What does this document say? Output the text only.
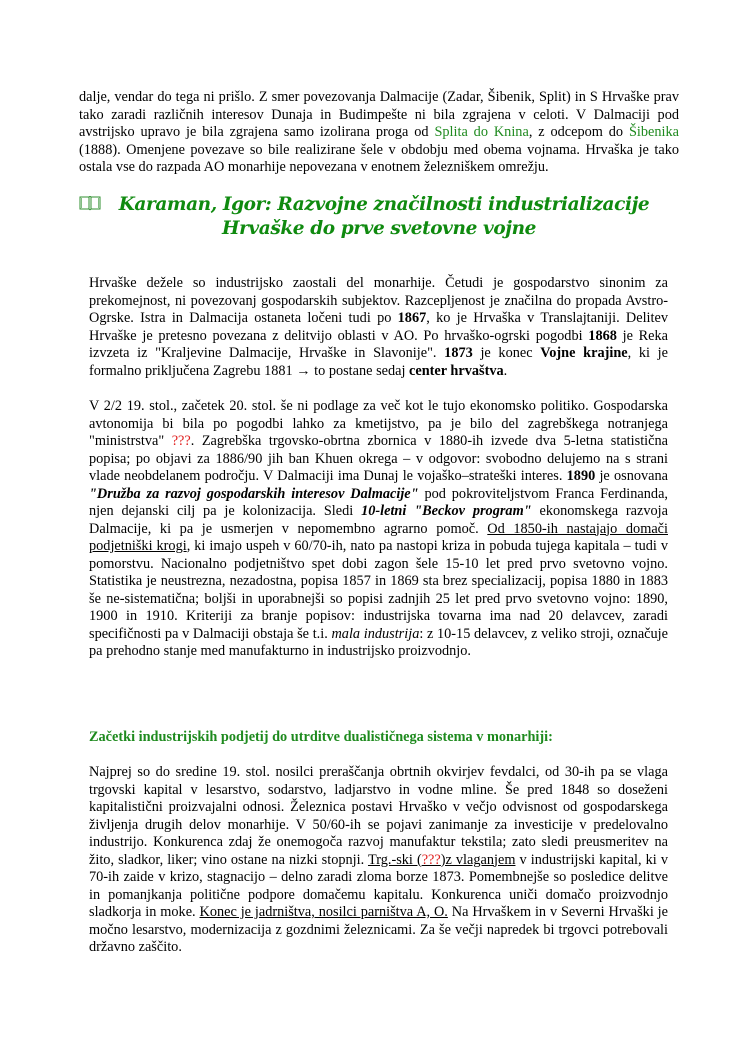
dalje, vendar do tega ni prišlo. Z smer povezovanja Dalmacije (Zadar, Šibenik, Split) in S Hrvaške prav tako zaradi različnih interesov Dunaja in Budimpešte ni bila zgrajena v celoti. V Dalmaciji pod avstrijsko upravo je bila zgrajena samo izolirana proga od Splita do Knina, z odcepom do Šibenika (1888). Omenjene povezave so bile realizirane šele v obdobju med obema vojnama. Hrvaška je tako ostala vse do razpada AO monarhije nepovezana v enotnem železniškem omrežju.

Karaman, Igor: Razvojne značilnosti industrializacije Hrvaške do prve svetovne vojne

Hrvaške dežele so industrijsko zaostali del monarhije. Četudi je gospodarstvo sinonim za prekomejnost, ni povezovanj gospodarskih subjektov. Razcepljenost je značilna do propada Avstro-Ogrske. Istra in Dalmacija ostaneta ločeni tudi po 1867, ko je Hrvaška v Translajtaniji. Delitev Hrvaške je pretesno povezana z delitvijo oblasti v AO. Po hrvaško-ogrski pogodbi 1868 je Reka izvzeta iz "Kraljevine Dalmacije, Hrvaške in Slavonije". 1873 je konec Vojne krajine, ki je formalno priključena Zagrebu 1881 → to postane sedaj center hrvaštva.

V 2/2 19. stol., začetek 20. stol. še ni podlage za več kot le tujo ekonomsko politiko. Gospodarska avtonomija bi bila po pogodbi lahko za kmetijstvo, pa je bilo del zagrebškega notranjega "ministrstva" ???. Zagrebška trgovsko-obrtna zbornica v 1880-ih izvede dva 5-letna statistična popisa; po objavi za 1886/90 jih ban Khuen okrega – v odgovor: svobodno delujemo na s strani vlade neobdelanem področju. V Dalmaciji ima Dunaj le vojaško–strateški interes. 1890 je osnovana "Družba za razvoj gospodarskih interesov Dalmacije" pod pokroviteljstvom Franca Ferdinanda, njen dejanski cilj pa je kolonizacija. Sledi 10-letni "Beckov program" ekonomskega razvoja Dalmacije, ki pa je usmerjen v nepomembno agrarno pomoč. Od 1850-ih nastajajo domači podjetniški krogi, ki imajo uspeh v 60/70-ih, nato pa nastopi kriza in pobuda tujega kapitala – tudi v pomorstvu. Nacionalno podjetništvo spet dobi zagon šele 15-10 let pred prvo svetovno vojno. Statistika je neustrezna, nezadostna, popisa 1857 in 1869 sta brez specializacij, popisa 1880 in 1883 še ne-sistematična; boljši in uporabnejši so popisi zadnjih 25 let pred prvo svetovno vojno: 1890, 1900 in 1910. Kriteriji za branje popisov: industrijska tovarna ima nad 20 delavcev, zaradi specifičnosti pa v Dalmaciji obstaja še t.i. mala industrija: z 10-15 delavcev, z veliko stroji, označuje pa prehodno stanje med manufakturno in industrijsko proizvodnjo.

Začetki industrijskih podjetij do utrditve dualističnega sistema v monarhiji:

Najprej so do sredine 19. stol. nosilci preraščanja obrtnih okvirjev fevdalci, od 30-ih pa se vlaga trgovski kapital v lesarstvo, sodarstvo, ladjarstvo in vodne mline. Še pred 1848 so doseženi kapitalistični proizvajalni odnosi. Železnica postavi Hrvaško v večjo odvisnost od gospodarskega življenja drugih delov monarhije. V 50/60-ih se pojavi zanimanje za investicije v predelovalno industrijo. Konkurenca zdaj že onemogoča razvoj manufaktur tekstila; zato sledi preusmeritev na žito, sladkor, liker; vino ostane na nizki stopnji. Trg.-ski (???)z vlaganjem v industrijski kapital, ki v 70-ih zaide v krizo, stagnacijo – delno zaradi zloma borze 1873. Pomembnejše so posledice delitve in pomanjkanja politične podpore domačemu kapitalu. Konkurenca uniči domačo proizvodnjo sladkorja in moke. Konec je jadrništva, nosilci parništva A, O. Na Hrvaškem in v Severni Hrvaški je močno lesarstvo, modernizacija z gozdnimi železnicami. Za še večji napredek bi trgovci potrebovali državno zaščito.
